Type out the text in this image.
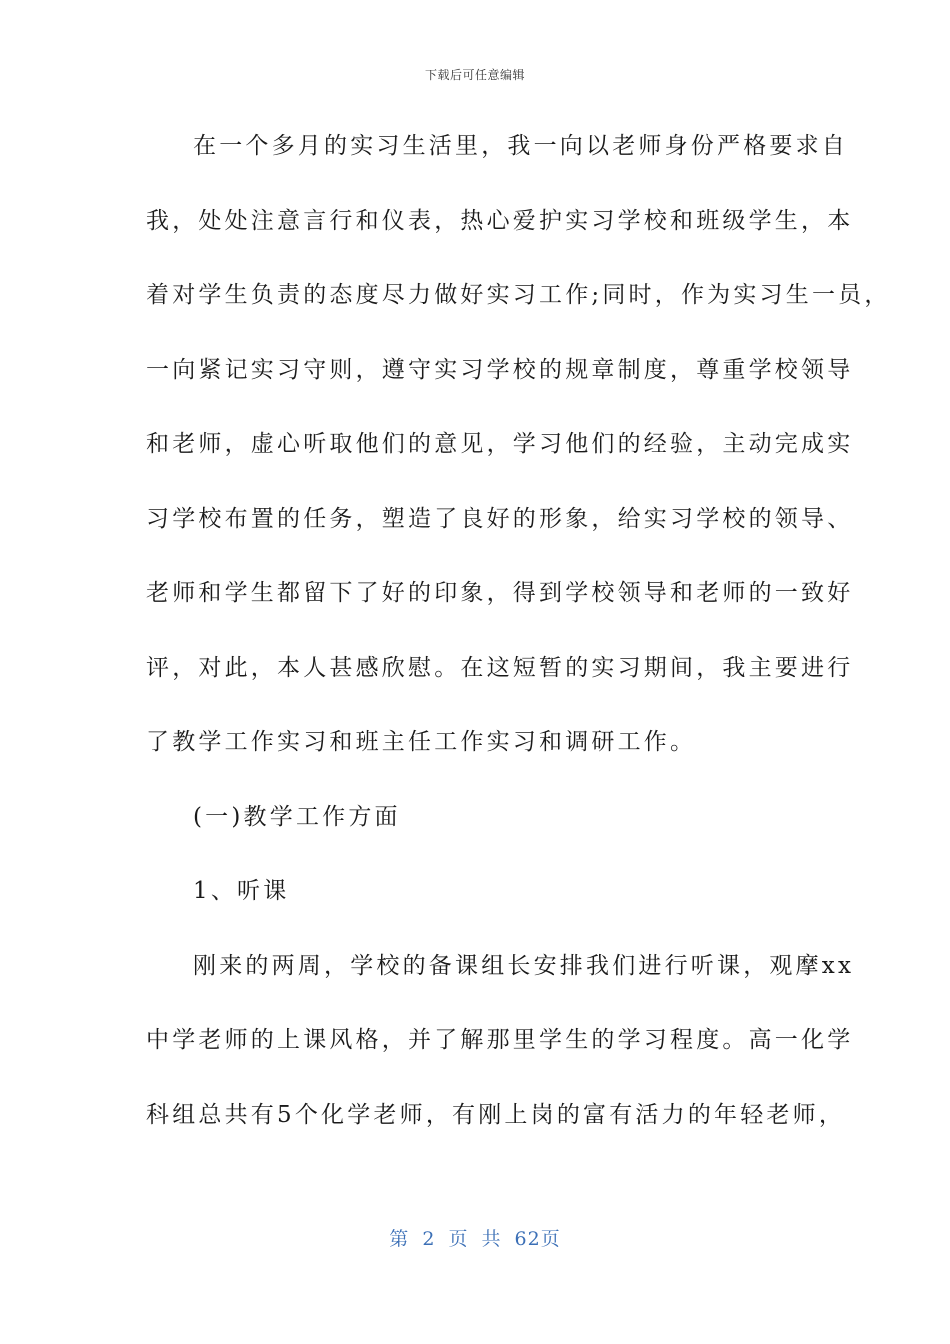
下载后可任意编辑
在一个多月的实习生活里，我一向以老师身份严格要求自
我，处处注意言行和仪表，热心爱护实习学校和班级学生，本
着对学生负责的态度尽力做好实习工作;同时，作为实习生一员，
一向紧记实习守则，遵守实习学校的规章制度，尊重学校领导
和老师，虚心听取他们的意见，学习他们的经验，主动完成实
习学校布置的任务，塑造了良好的形象，给实习学校的领导、
老师和学生都留下了好的印象，得到学校领导和老师的一致好
评，对此，本人甚感欣慰。在这短暂的实习期间，我主要进行
了教学工作实习和班主任工作实习和调研工作。
(一)教学工作方面
1、听课
刚来的两周，学校的备课组长安排我们进行听课，观摩xx
中学老师的上课风格，并了解那里学生的学习程度。高一化学
科组总共有5个化学老师，有刚上岗的富有活力的年轻老师，
第 2 页 共 62页
